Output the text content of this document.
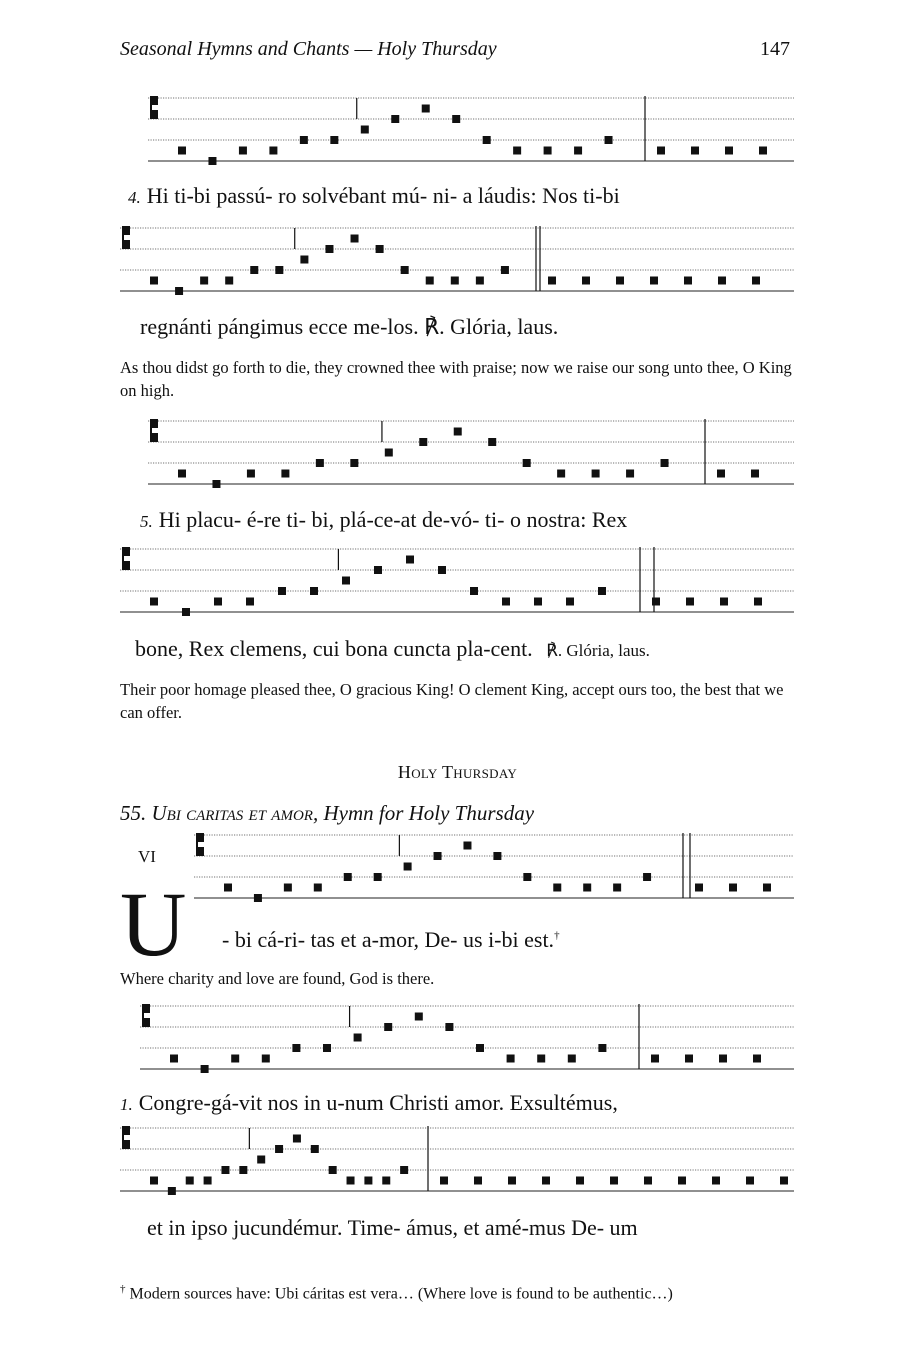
Seasonal Hymns and Chants — Holy Thursday	147
4. Hi ti-bi passú- ro solvébant mú- ni- a láudis: Nos ti-bi
regnánti pángimus ecce me-los. ℟. Glória, laus.
As thou didst go forth to die, they crowned thee with praise; now we raise our song unto thee, O King on high.
5. Hi placu- é-re ti- bi, plá-ce-at de-vó- ti- o nostra: Rex
bone, Rex clemens, cui bona cuncta pla-cent. ℟. Glória, laus.
Their poor homage pleased thee, O gracious King! O clement King, accept ours too, the best that we can offer.
Holy Thursday
55. Ubi caritas et amor, Hymn for Holy Thursday
VI
U - bi cá-ri- tas et a-mor, De- us i-bi est.†
Where charity and love are found, God is there.
1. Congre-gá-vit nos in u-num Christi amor. Exsultémus,
et in ipso jucundémur. Time- ámus, et amé-mus De- um
† Modern sources have: Ubi cáritas est vera… (Where love is found to be authentic…)
